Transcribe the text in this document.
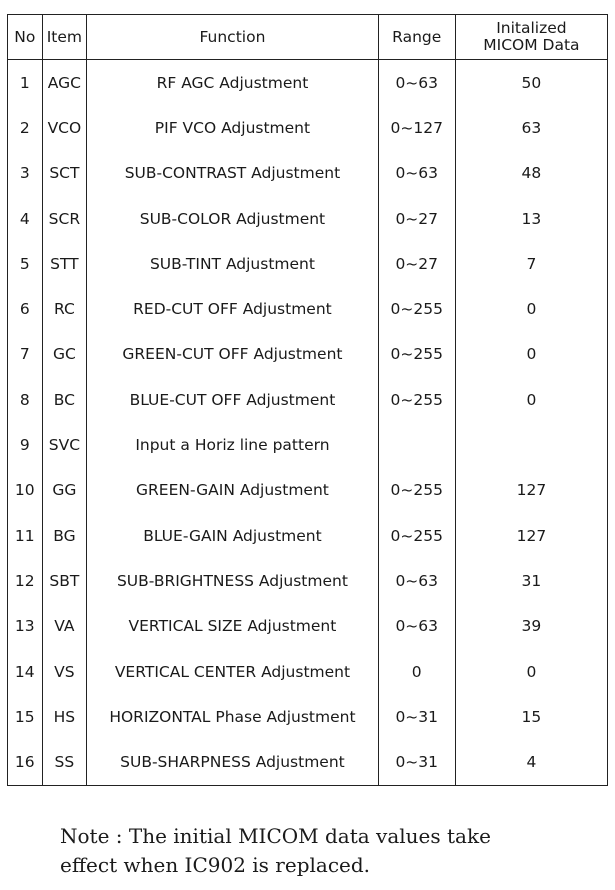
No	Item	Function	Range	Initalized
MICOM Data
1	AGC	RF AGC Adjustment	0~63	50
2	VCO	PIF VCO Adjustment	0~127	63
3	SCT	SUB-CONTRAST Adjustment	0~63	48
4	SCR	SUB-COLOR Adjustment	0~27	13
5	STT	SUB-TINT Adjustment	0~27	7
6	RC	RED-CUT OFF Adjustment	0~255	0
7	GC	GREEN-CUT OFF Adjustment	0~255	0
8	BC	BLUE-CUT OFF Adjustment	0~255	0
9	SVC	Input a Horiz line pattern		
10	GG	GREEN-GAIN Adjustment	0~255	127
11	BG	BLUE-GAIN Adjustment	0~255	127
12	SBT	SUB-BRIGHTNESS Adjustment	0~63	31
13	VA	VERTICAL SIZE Adjustment	0~63	39
14	VS	VERTICAL CENTER Adjustment	0	0
15	HS	HORIZONTAL Phase Adjustment	0~31	15
16	SS	SUB-SHARPNESS Adjustment	0~31	4
Note : The initial MICOM data values take
effect when IC902 is replaced.
